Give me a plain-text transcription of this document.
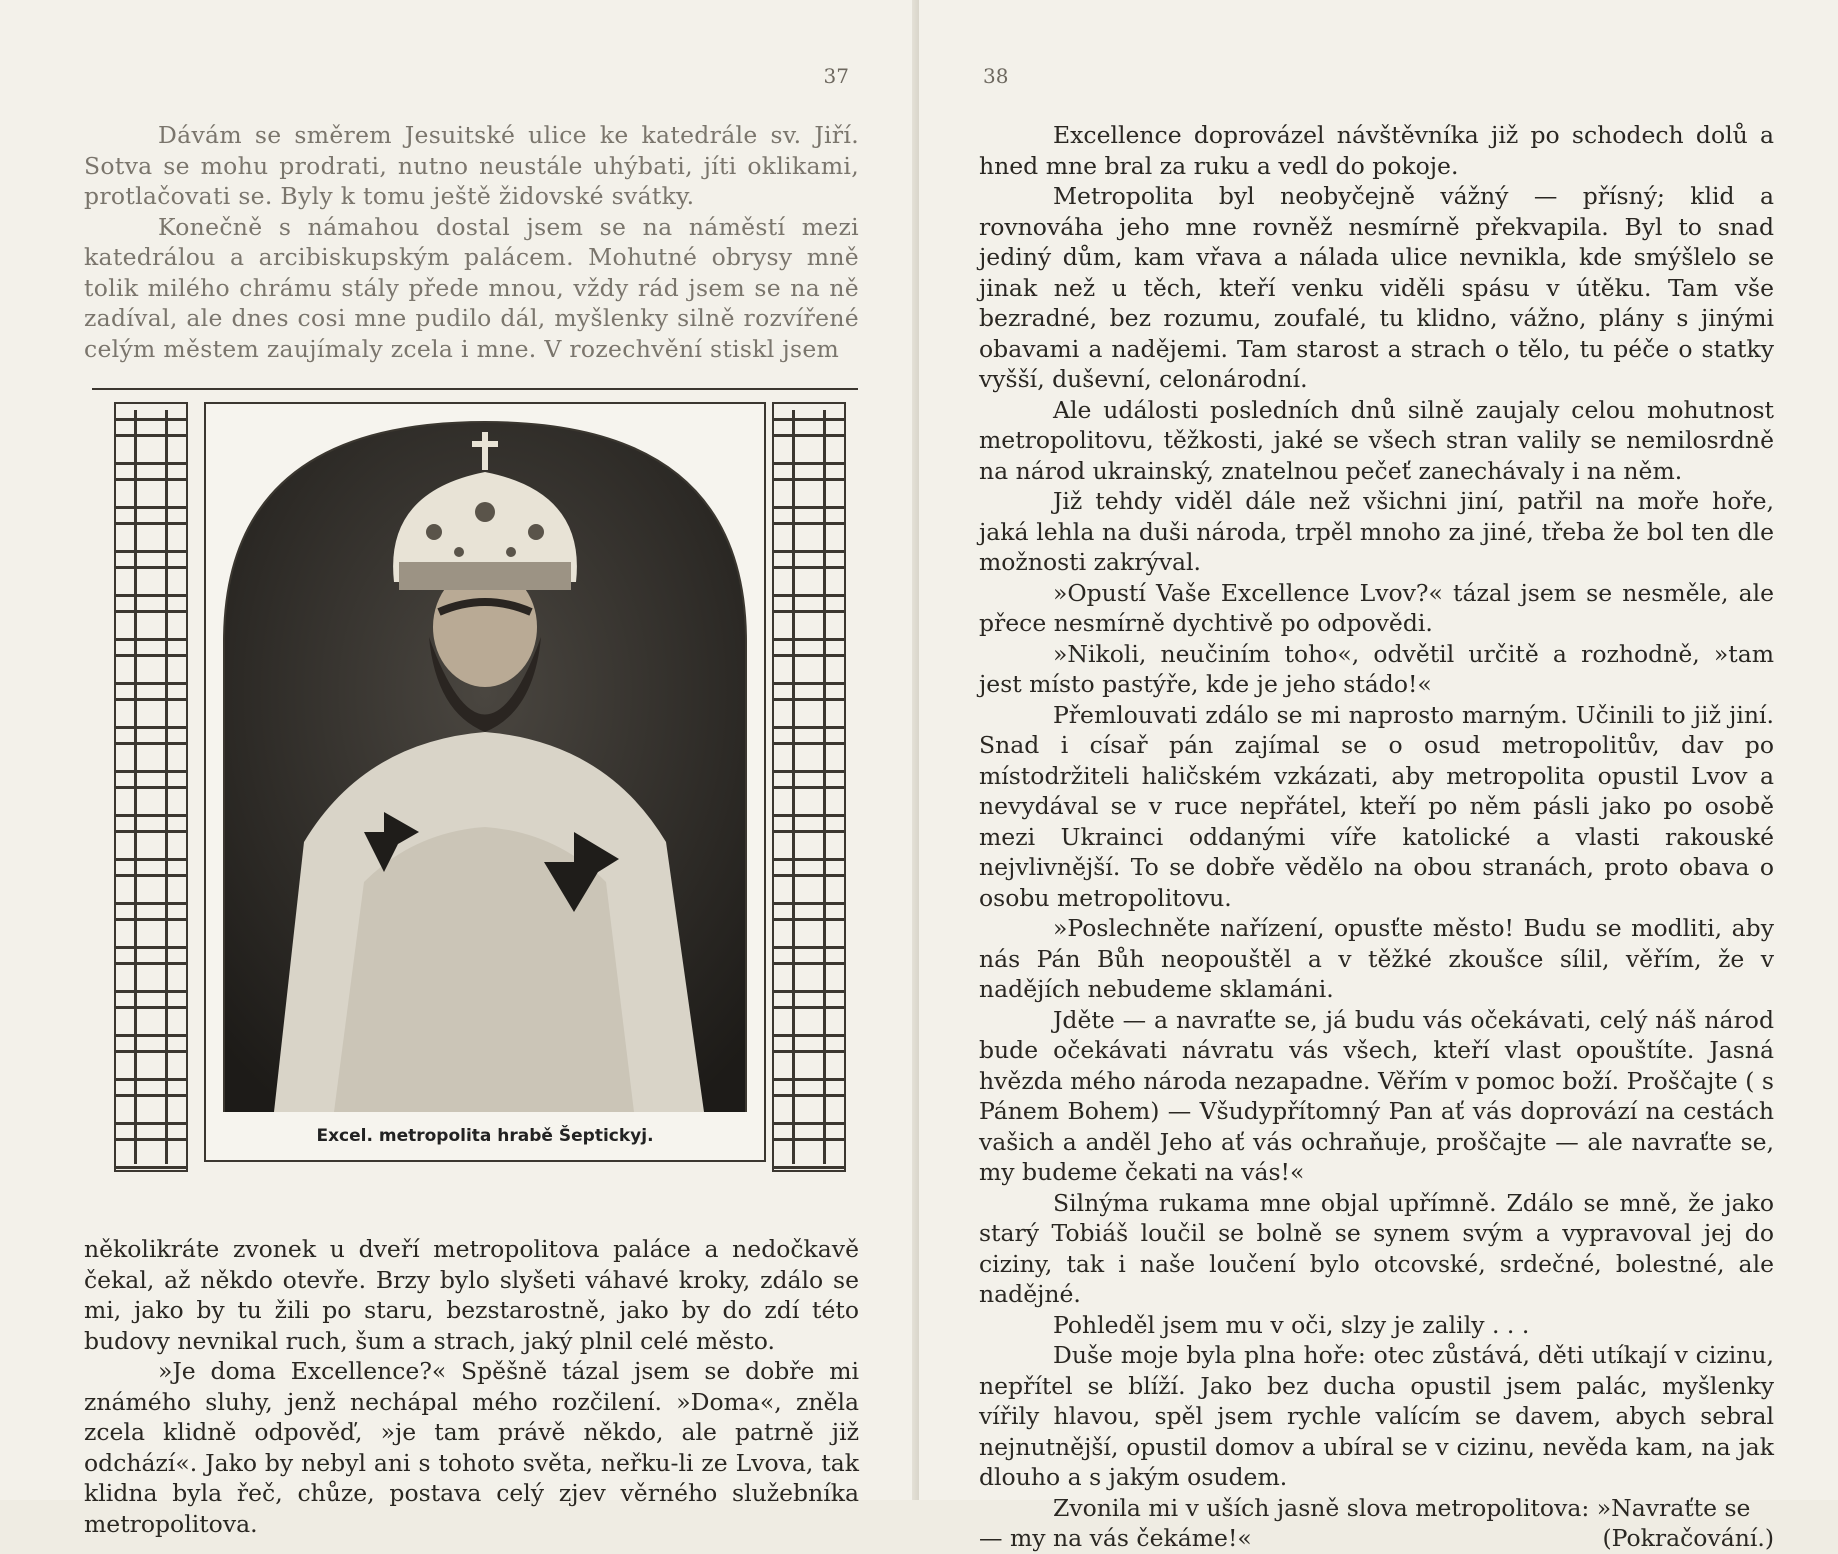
37

Dávám se směrem Jesuitské ulice ke katedrále sv. Jiří. Sotva se mohu prodrati, nutno neustále uhýbati, jíti oklikami, protlačovati se. Byly k tomu ještě židovské svátky.

Konečně s námahou dostal jsem se na náměstí mezi katedrálou a arcibiskupským palácem. Mohutné obrysy mně tolik milého chrámu stály přede mnou, vždy rád jsem se na ně zadíval, ale dnes cosi mne pudilo dál, myšlenky silně rozvířené celým městem zaujímaly zcela i mne. V rozechvění stiskl jsem

Excel. metropolita hrabě Šeptickyj.

několikráte zvonek u dveří metropolitova paláce a nedočkavě čekal, až někdo otevře. Brzy bylo slyšeti váhavé kroky, zdálo se mi, jako by tu žili po staru, bezstarostně, jako by do zdí této budovy nevnikal ruch, šum a strach, jaký plnil celé město.

»Je doma Excellence?« Spěšně tázal jsem se dobře mi známého sluhy, jenž nechápal mého rozčilení. »Doma«, zněla zcela klidně odpověď, »je tam právě někdo, ale patrně již odchází«. Jako by nebyl ani s tohoto světa, neřku-li ze Lvova, tak klidna byla řeč, chůze, postava celý zjev věrného služebníka metropolitova.

38

Excellence doprovázel návštěvníka již po schodech dolů a hned mne bral za ruku a vedl do pokoje.

Metropolita byl neobyčejně vážný — přísný; klid a rovnováha jeho mne rovněž nesmírně překvapila. Byl to snad jediný dům, kam vřava a nálada ulice nevnikla, kde smýšlelo se jinak než u těch, kteří venku viděli spásu v útěku. Tam vše bezradné, bez rozumu, zoufalé, tu klidno, vážno, plány s jinými obavami a nadějemi. Tam starost a strach o tělo, tu péče o statky vyšší, duševní, celonárodní.

Ale události posledních dnů silně zaujaly celou mohutnost metropolitovu, těžkosti, jaké se všech stran valily se nemilosrdně na národ ukrainský, znatelnou pečeť zanechávaly i na něm.

Již tehdy viděl dále než všichni jiní, patřil na moře hoře, jaká lehla na duši národa, trpěl mnoho za jiné, třeba že bol ten dle možnosti zakrýval.

»Opustí Vaše Excellence Lvov?« tázal jsem se nesměle, ale přece nesmírně dychtivě po odpovědi.

»Nikoli, neučiním toho«, odvětil určitě a rozhodně, »tam jest místo pastýře, kde je jeho stádo!«

Přemlouvati zdálo se mi naprosto marným. Učinili to již jiní. Snad i císař pán zajímal se o osud metropolitův, dav po místodržiteli haličském vzkázati, aby metropolita opustil Lvov a nevydával se v ruce nepřátel, kteří po něm pásli jako po osobě mezi Ukrainci oddanými víře katolické a vlasti rakouské nejvlivnější. To se dobře vědělo na obou stranách, proto obava o osobu metropolitovu.

»Poslechněte nařízení, opusťte město! Budu se modliti, aby nás Pán Bůh neopouštěl a v těžké zkoušce sílil, věřím, že v nadějích nebudeme sklamáni.

Jděte — a navraťte se, já budu vás očekávati, celý náš národ bude očekávati návratu vás všech, kteří vlast opouštíte. Jasná hvězda mého národa nezapadne. Věřím v pomoc boží. Proščajte ( s Pánem Bohem) — Všudypřítomný Pan ať vás doprovází na cestách vašich a anděl Jeho ať vás ochraňuje, proščajte — ale navraťte se, my budeme čekati na vás!«

Silnýma rukama mne objal upřímně. Zdálo se mně, že jako starý Tobiáš loučil se bolně se synem svým a vypravoval jej do ciziny, tak i naše loučení bylo otcovské, srdečné, bolestné, ale nadějné.

Pohleděl jsem mu v oči, slzy je zalily . . .

Duše moje byla plna hoře: otec zůstává, děti utíkají v cizinu, nepřítel se blíží. Jako bez ducha opustil jsem palác, myšlenky vířily hlavou, spěl jsem rychle valícím se davem, abych sebral nejnutnější, opustil domov a ubíral se v cizinu, nevěda kam, na jak dlouho a s jakým osudem.

Zvonila mi v uších jasně slova metropolitova: »Navraťte se

— my na vás čekáme!«	(Pokračování.)
